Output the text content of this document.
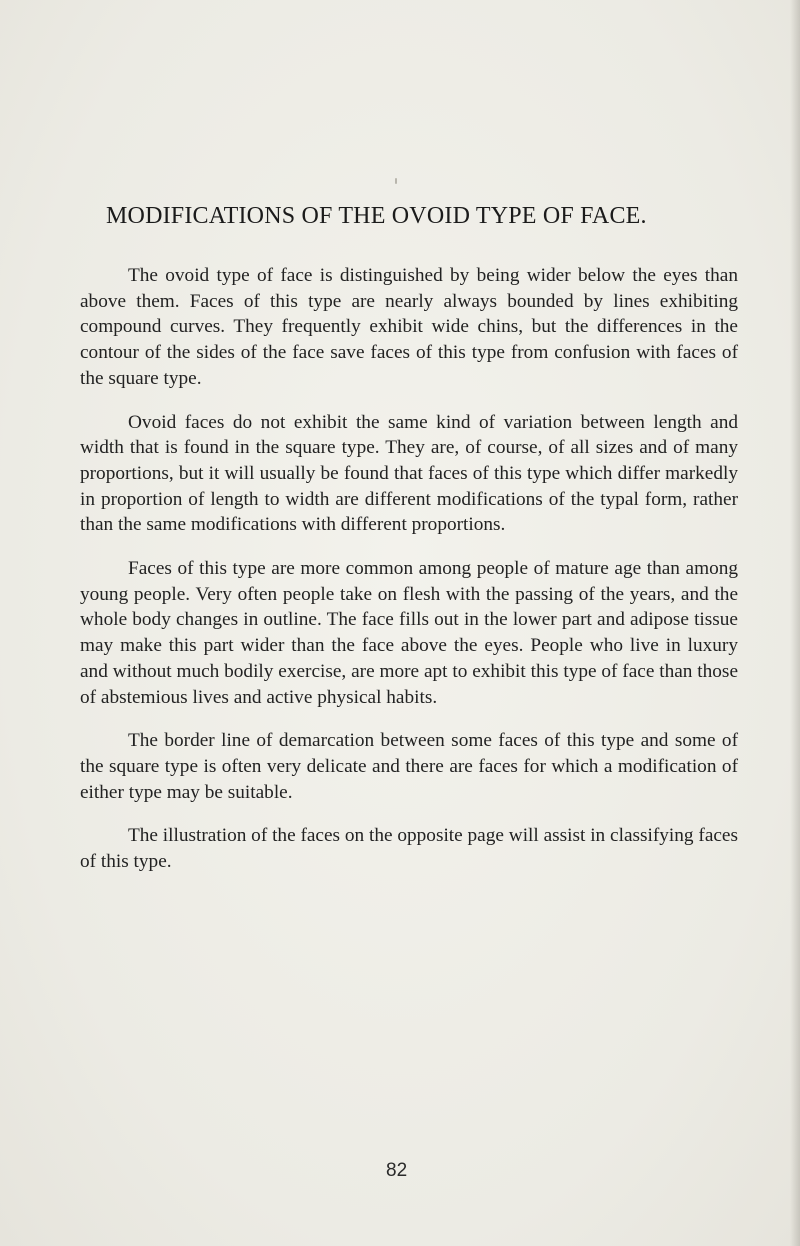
MODIFICATIONS OF THE OVOID TYPE OF FACE.

The ovoid type of face is distinguished by being wider below the eyes than above them. Faces of this type are nearly always bounded by lines exhibiting compound curves. They frequently exhibit wide chins, but the differences in the contour of the sides of the face save faces of this type from confusion with faces of the square type.

Ovoid faces do not exhibit the same kind of variation between length and width that is found in the square type. They are, of course, of all sizes and of many proportions, but it will usually be found that faces of this type which differ markedly in proportion of length to width are different modifications of the typal form, rather than the same modifications with different proportions.

Faces of this type are more common among people of mature age than among young people. Very often people take on flesh with the passing of the years, and the whole body changes in outline. The face fills out in the lower part and adipose tissue may make this part wider than the face above the eyes. People who live in luxury and without much bodily exercise, are more apt to exhibit this type of face than those of abstemious lives and active physical habits.

The border line of demarcation between some faces of this type and some of the square type is often very delicate and there are faces for which a modification of either type may be suitable.

The illustration of the faces on the opposite page will assist in classifying faces of this type.

82
